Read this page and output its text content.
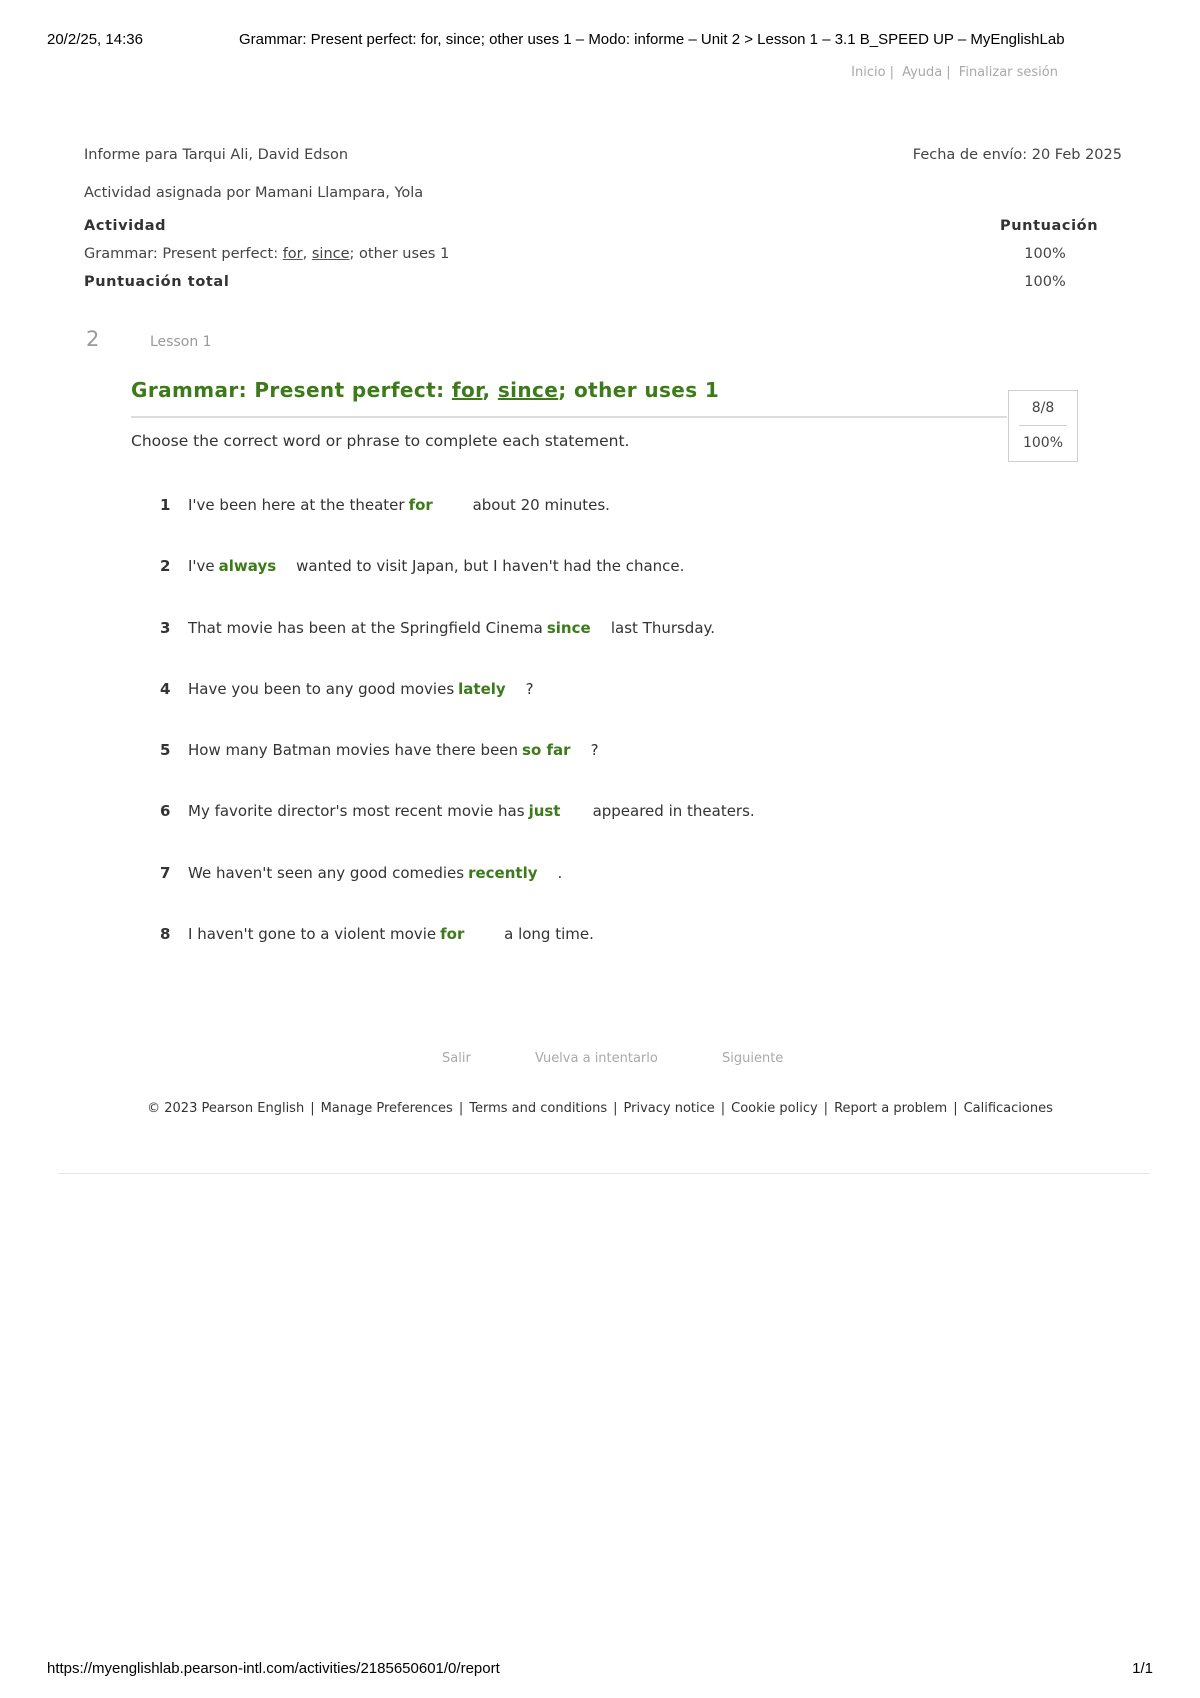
20/2/25, 14:36	Grammar: Present perfect: for, since; other uses 1 – Modo: informe – Unit 2 > Lesson 1 – 3.1 B_SPEED UP – MyEnglishLab
Inicio | Ayuda | Finalizar sesión
Informe para Tarqui Ali, David Edson	Fecha de envío: 20 Feb 2025
Actividad asignada por Mamani Llampara, Yola
Actividad	Puntuación
Grammar: Present perfect: for, since; other uses 1	100%
Puntuación total	100%
2	Lesson 1
Grammar: Present perfect: for, since; other uses 1
8/8
100%
Choose the correct word or phrase to complete each statement.
1 I've been here at the theater for	about 20 minutes.
2 I've always wanted to visit Japan, but I haven't had the chance.
3 That movie has been at the Springfield Cinema since last Thursday.
4 Have you been to any good movies lately ?
5 How many Batman movies have there been so far ?
6 My favorite director's most recent movie has just appeared in theaters.
7 We haven't seen any good comedies recently .
8 I haven't gone to a violent movie for	a long time.
Salir	Vuelva a intentarlo	Siguiente
© 2023 Pearson English | Manage Preferences | Terms and conditions | Privacy notice | Cookie policy | Report a problem | Calificaciones
https://myenglishlab.pearson-intl.com/activities/2185650601/0/report	1/1
